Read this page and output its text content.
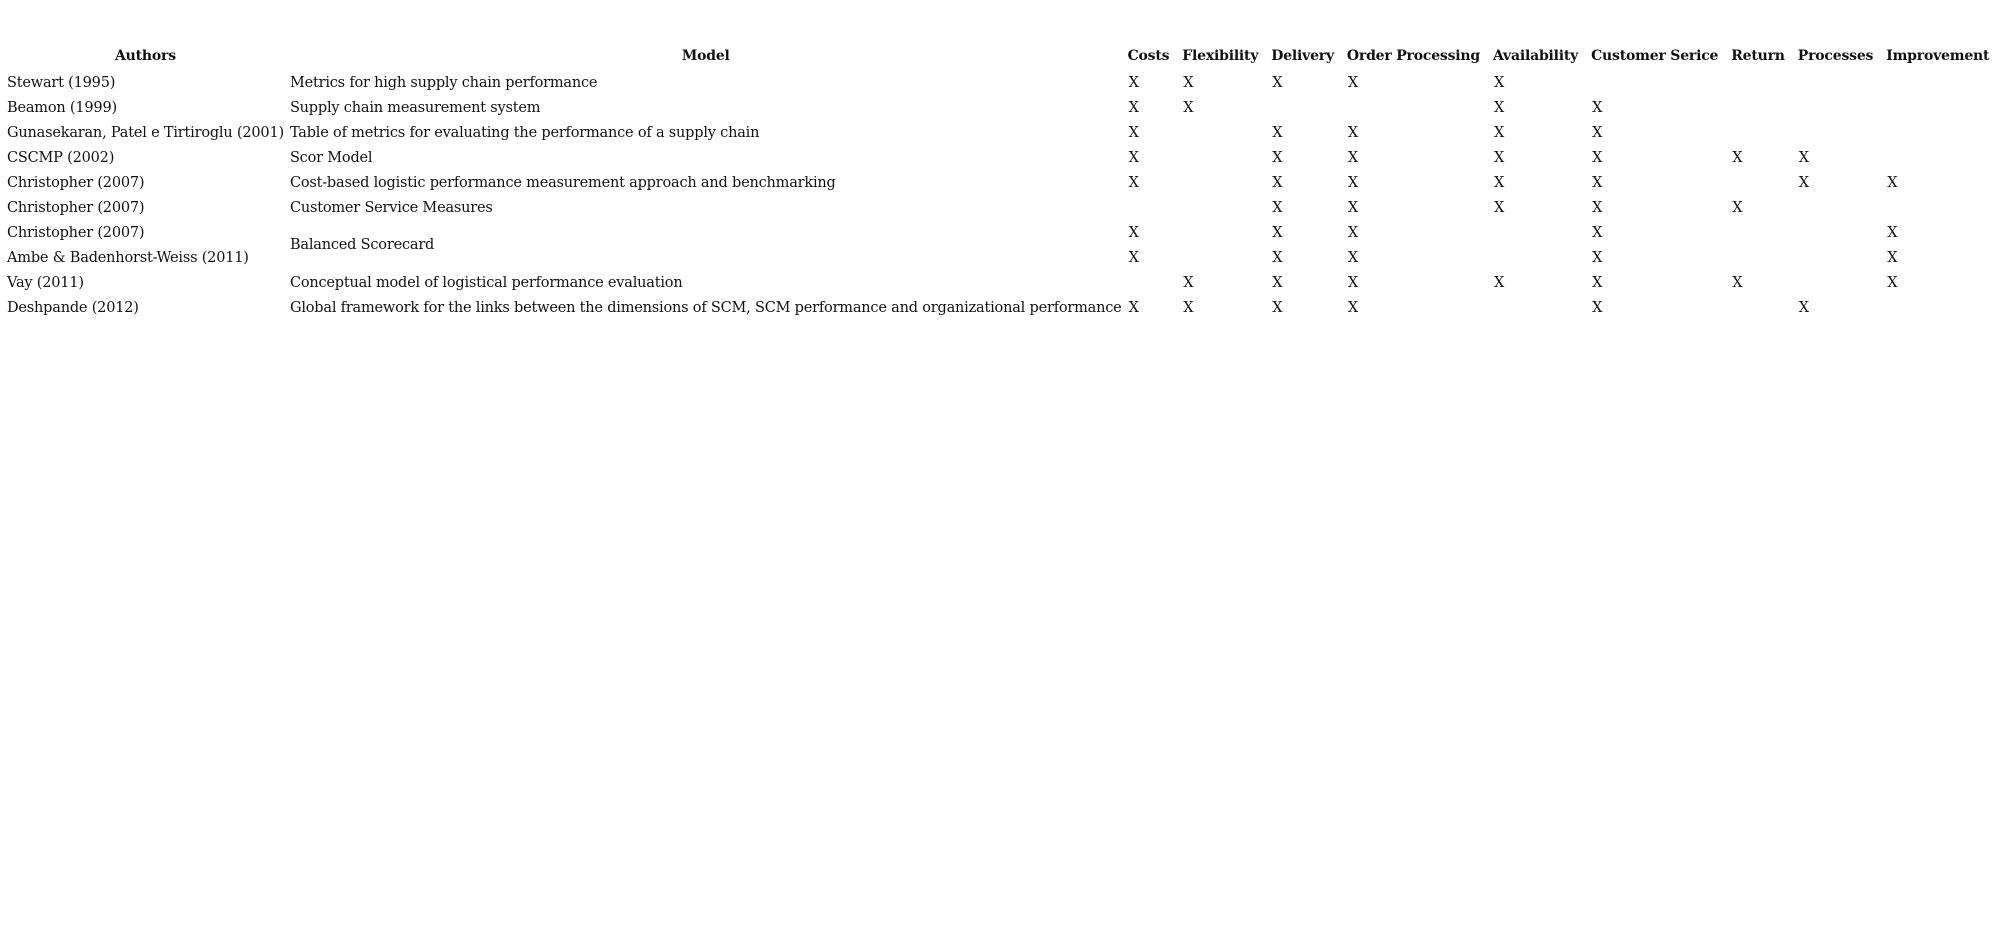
Authors	Model	Costs	Flexibility	Delivery	Order Processing	Availability	Customer Serice	Return	Processes	Improvement
Stewart (1995)	Metrics for high supply chain performance	X	X	X	X	X				
Beamon (1999)	Supply chain measurement system	X	X			X	X			
Gunasekaran, Patel e Tirtiroglu (2001)	Table of metrics for evaluating the performance of a supply chain	X		X	X	X	X			
CSCMP (2002)	Scor Model	X		X	X	X	X	X	X	
Christopher (2007)	Cost-based logistic performance measurement approach and benchmarking	X		X	X	X	X		X	X
Christopher (2007)	Customer Service Measures			X	X	X	X	X		
Christopher (2007)	Balanced Scorecard	X		X	X		X			X
Ambe & Badenhorst-Weiss (2011)		X		X	X		X			X
Vay (2011)	Conceptual model of logistical performance evaluation		X	X	X	X	X	X		X
Deshpande (2012)	Global framework for the links between the dimensions of SCM, SCM performance and organizational performance	X	X	X	X		X		X	
